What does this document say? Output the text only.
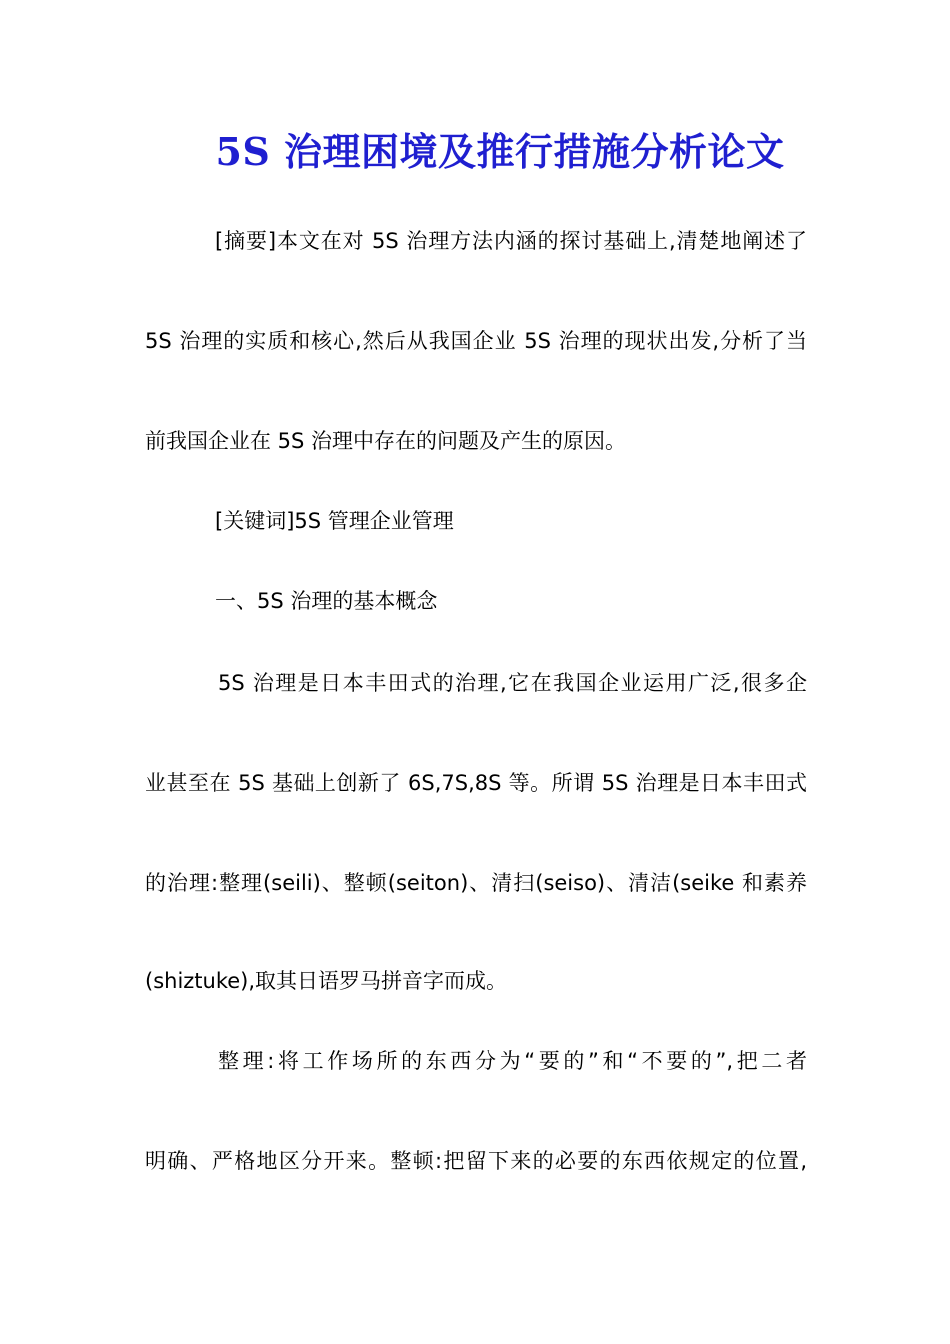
5S 治理困境及推行措施分析论文
[摘要]本文在对 5S 治理方法内涵的探讨基础上,清楚地阐述了
5S 治理的实质和核心,然后从我国企业 5S 治理的现状出发,分析了当
前我国企业在 5S 治理中存在的问题及产生的原因。
[关键词]5S 管理企业管理
一、5S 治理的基本概念
5S 治理是日本丰田式的治理,它在我国企业运用广泛,很多企
业甚至在 5S 基础上创新了 6S,7S,8S 等。所谓 5S 治理是日本丰田式
的治理:整理(seili)、整顿(seiton)、清扫(seiso)、清洁(seike 和素养
(shiztuke),取其日语罗马拼音字而成。
整理:将工作场所的东西分为“要的”和“不要的”,把二者
明确、严格地区分开来。整顿:把留下来的必要的东西依规定的位置,
